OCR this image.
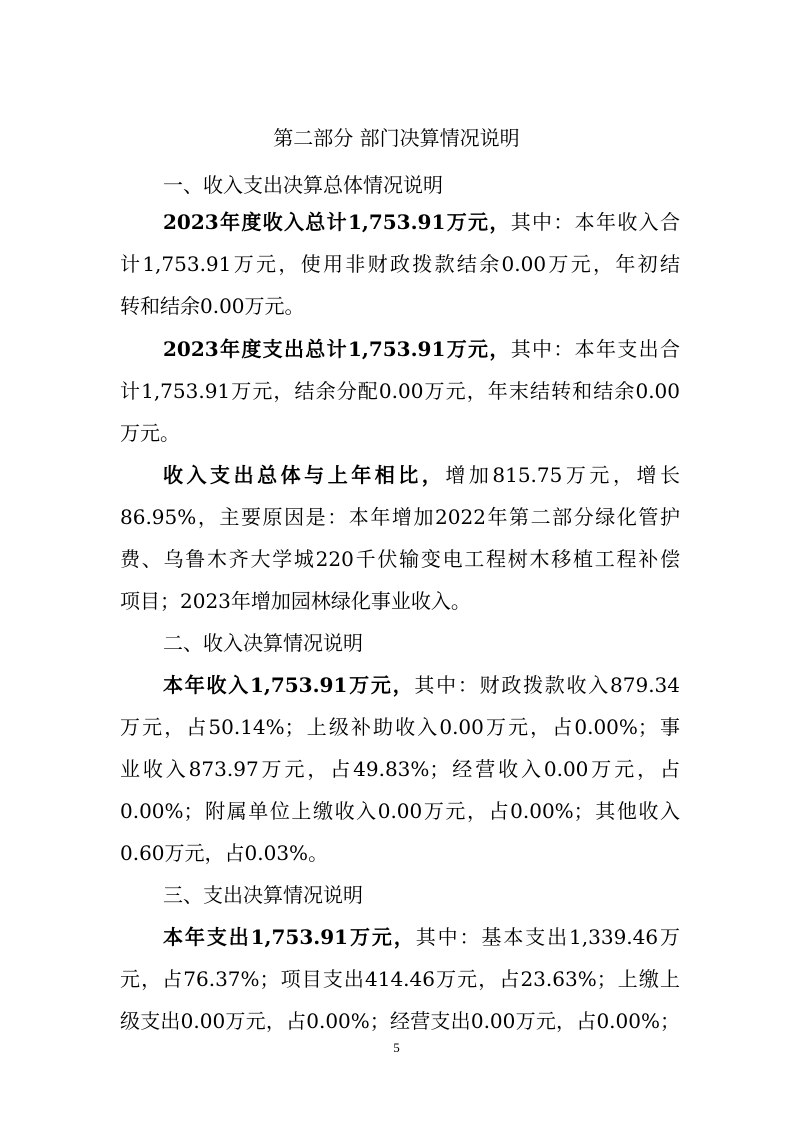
第二部分 部门决算情况说明
一、收入支出决算总体情况说明
2023年度收入总计1,753.91万元，其中：本年收入合
计1,753.91万元，使用非财政拨款结余0.00万元，年初结
转和结余0.00万元。
2023年度支出总计1,753.91万元，其中：本年支出合
计1,753.91万元，结余分配0.00万元，年末结转和结余0.00
万元。
收入支出总体与上年相比，增加815.75万元，增长
86.95%，主要原因是：本年增加2022年第二部分绿化管护
费、乌鲁木齐大学城220千伏输变电工程树木移植工程补偿
项目；2023年增加园林绿化事业收入。
二、收入决算情况说明
本年收入1,753.91万元，其中：财政拨款收入879.34
万元，占50.14%；上级补助收入0.00万元，占0.00%；事
业收入873.97万元，占49.83%；经营收入0.00万元，占
0.00%；附属单位上缴收入0.00万元，占0.00%；其他收入
0.60万元，占0.03%。
三、支出决算情况说明
本年支出1,753.91万元，其中：基本支出1,339.46万
元，占76.37%；项目支出414.46万元，占23.63%；上缴上
级支出0.00万元，占0.00%；经营支出0.00万元，占0.00%；
5
